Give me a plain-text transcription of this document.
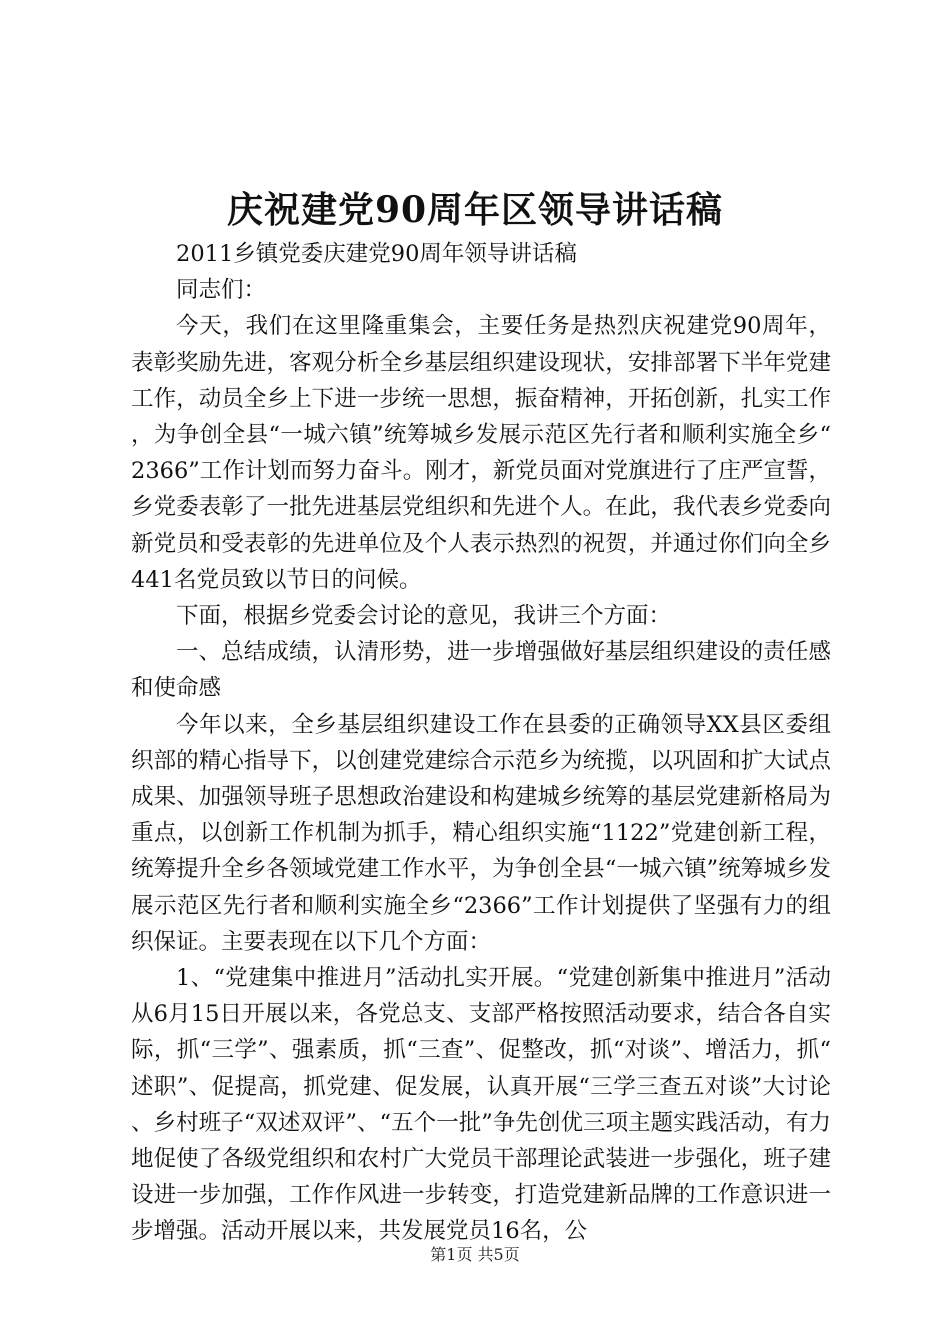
庆祝建党90周年区领导讲话稿

2011乡镇党委庆建党90周年领导讲话稿

同志们：

今天，我们在这里隆重集会，主要任务是热烈庆祝建党90周年，表彰奖励先进，客观分析全乡基层组织建设现状，安排部署下半年党建工作，动员全乡上下进一步统一思想，振奋精神，开拓创新，扎实工作，为争创全县“一城六镇”统筹城乡发展示范区先行者和顺利实施全乡“2366”工作计划而努力奋斗。刚才，新党员面对党旗进行了庄严宣誓，乡党委表彰了一批先进基层党组织和先进个人。在此，我代表乡党委向新党员和受表彰的先进单位及个人表示热烈的祝贺，并通过你们向全乡441名党员致以节日的问候。

下面，根据乡党委会讨论的意见，我讲三个方面：

一、总结成绩，认清形势，进一步增强做好基层组织建设的责任感和使命感

今年以来，全乡基层组织建设工作在县委的正确领导XX县区委组织部的精心指导下，以创建党建综合示范乡为统揽，以巩固和扩大试点成果、加强领导班子思想政治建设和构建城乡统筹的基层党建新格局为重点，以创新工作机制为抓手，精心组织实施“1122”党建创新工程，统筹提升全乡各领域党建工作水平，为争创全县“一城六镇”统筹城乡发展示范区先行者和顺利实施全乡“2366”工作计划提供了坚强有力的组织保证。主要表现在以下几个方面：

1、“党建集中推进月”活动扎实开展。“党建创新集中推进月”活动从6月15日开展以来，各党总支、支部严格按照活动要求，结合各自实际，抓“三学”、强素质，抓“三查”、促整改，抓“对谈”、增活力，抓“述职”、促提高，抓党建、促发展，认真开展“三学三查五对谈”大讨论、乡村班子“双述双评”、“五个一批”争先创优三项主题实践活动，有力地促使了各级党组织和农村广大党员干部理论武装进一步强化，班子建设进一步加强，工作作风进一步转变，打造党建新品牌的工作意识进一步增强。活动开展以来，共发展党员16名，公

第1页 共5页
